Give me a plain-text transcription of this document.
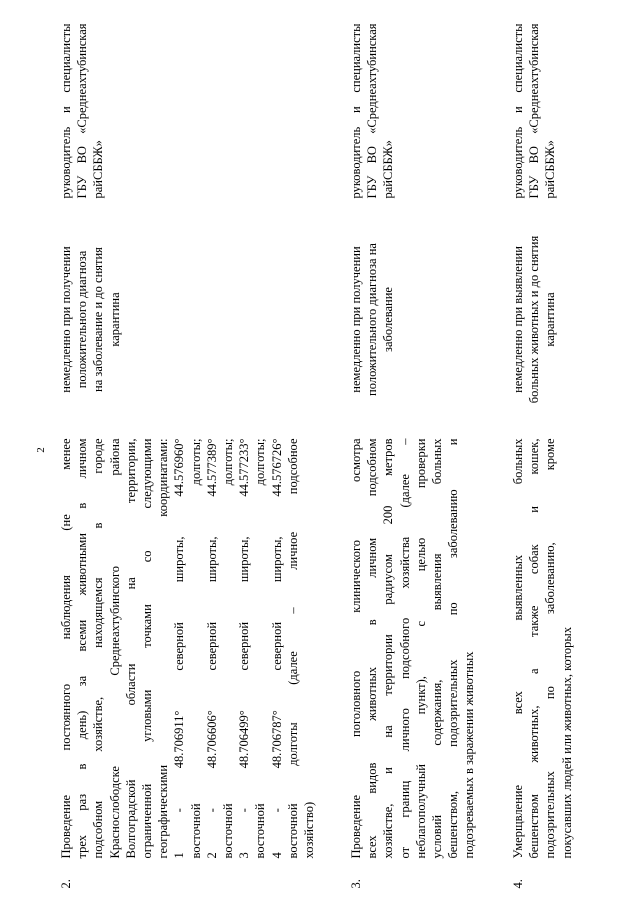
2
2.
Проведение постоянного наблюдения (не менее трех раз в день) за всеми животными в личном подсобном хозяйстве, находящемся в городе Краснослободске Среднеахтубинского района Волгоградской области на территории, ограниченной угловыми точками со следующими географическими координатами: 1 - 48.706911° северной широты, 44.576960° восточной долготы; 2 - 48.706606° северной широты, 44.577389° восточной долготы; 3 - 48.706499° северной широты, 44.577233° восточной долготы; 4 - 48.706787° северной широты, 44.576726° восточной долготы (далее – личное подсобное хозяйство)
немедленно при получении положительного диагноза на заболевание и до снятия карантина
руководитель и специалисты ГБУ ВО «Среднеахтубинская райСББЖ»
3.
Проведение поголовного клинического осмотра всех видов животных в личном подсобном хозяйстве, и на территории радиусом 200 метров от границ личного подсобного хозяйства (далее – неблагополучный пункт), с целью проверки условий содержания, выявления больных бешенством, подозрительных по заболеванию и подозреваемых в заражении животных
немедленно при получении положительного диагноза на заболевание
руководитель и специалисты ГБУ ВО «Среднеахтубинская райСББЖ»
4.
Умерщвление всех выявленных больных бешенством животных, а также собак и кошек, подозрительных по заболеванию, кроме покусавших людей или животных, которых
немедленно при выявлении больных животных и до снятия карантина
руководитель и специалисты ГБУ ВО «Среднеахтубинская райСББЖ»
